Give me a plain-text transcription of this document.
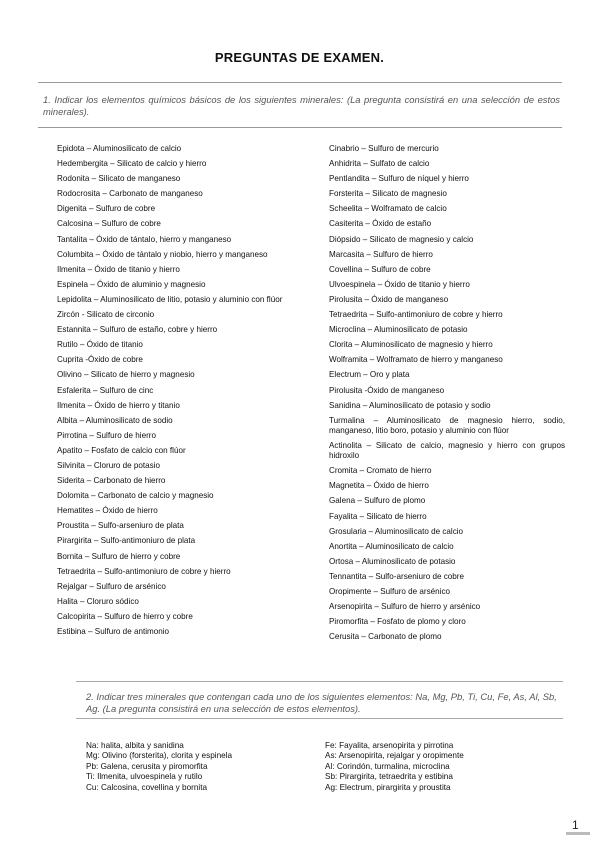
PREGUNTAS DE EXAMEN.
1. Indicar los elementos químicos básicos de los siguientes minerales: (La pregunta consistirá en una selección de estos minerales).
Epidota – Aluminosilicato de calcio
Hedembergita – Silicato de calcio y hierro
Rodonita – Silicato de manganeso
Rodocrosita – Carbonato de manganeso
Digenita – Sulfuro de cobre
Calcosina – Sulfuro de cobre
Tantalita – Óxido de tántalo, hierro y manganeso
Columbita – Óxido de tántalo y niobio, hierro y manganeso
Ilmenita – Óxido de titanio y hierro
Espinela – Óxido de aluminio y magnesio
Lepidolita – Aluminosilicato de litio, potasio y aluminio con flúor
Zircón - Silicato de circonio
Estannita – Sulfuro de estaño, cobre y hierro
Rutilo – Óxido de titanio
Cuprita -Óxido de cobre
Olivino – Silicato de hierro y magnesio
Esfalerita – Sulfuro de cinc
Ilmenita – Óxido de hierro y titanio
Albita – Aluminosilicato de sodio
Pirrotina – Sulfuro de hierro
Apatito – Fosfato de calcio con flúor
Silvinita – Cloruro de potasio
Siderita – Carbonato de hierro
Dolomita – Carbonato de calcio y magnesio
Hematites – Óxido de hierro
Proustita – Sulfo-arseniuro de plata
Pirargirita – Sulfo-antimoniuro de plata
Bornita – Sulfuro de hierro y cobre
Tetraedrita – Sulfo-antimoniuro de cobre y hierro
Rejalgar – Sulfuro de arsénico
Halita – Cloruro sódico
Calcopirita – Sulfuro de hierro y cobre
Estibina – Sulfuro de antimonio
Cinabrio – Sulfuro de mercurio
Anhidrita – Sulfato de calcio
Pentlandita – Sulfuro de níquel y hierro
Forsterita – Silicato de magnesio
Scheelita – Wolframato de calcio
Casiterita – Óxido de estaño
Diópsido – Silicato de magnesio y calcio
Marcasita – Sulfuro de hierro
Covellina – Sulfuro de cobre
Ulvoespinela – Óxido de titanio y hierro
Pirolusita – Óxido de manganeso
Tetraedrita – Sulfo-antimoniuro de cobre y hierro
Microclina – Aluminosilicato de potasio
Clorita – Aluminosilicato de magnesio y hierro
Wolframita – Wolframato de hierro y manganeso
Electrum – Oro y plata
Pirolusita -Óxido de manganeso
Sanidina – Aluminosilicato de potasio y sodio
Turmalina – Aluminosilicato de magnesio hierro, sodio, manganeso, litio boro, potasio y aluminio con flúor
Actinolita – Silicato de calcio, magnesio y hierro con grupos hidroxilo
Cromita – Cromato de hierro
Magnetita – Óxido de hierro
Galena – Sulfuro de plomo
Fayalita – Silicato de hierro
Grosularia – Aluminosilicato de calcio
Anortita – Aluminosilicato de calcio
Ortosa – Aluminosilicato de potasio
Tennantita – Sulfo-arseniuro de cobre
Oropimente – Sulfuro de arsénico
Arsenopirita – Sulfuro de hierro y arsénico
Piromorfita – Fosfato de plomo y cloro
Cerusita – Carbonato de plomo
2. Indicar tres minerales que contengan cada uno de los siguientes elementos: Na, Mg, Pb, Ti, Cu, Fe, As, Al, Sb, Ag. (La pregunta consistirá en una selección de estos elementos).
Na: halita, albita y sanidina
Mg: Olivino (forsterita), clorita y espinela
Pb: Galena, cerusita y piromorfita
Ti: Ilmenita, ulvoespinela y rutilo
Cu: Calcosina, covellina y bornita
Fe: Fayalita, arsenopirita y pirrotina
As: Arsenopirita, rejalgar y oropimente
Al: Corindón, turmalina, microclina
Sb: Pirargirita, tetraedrita y estibina
Ag: Electrum, pirargirita y proustita
1
